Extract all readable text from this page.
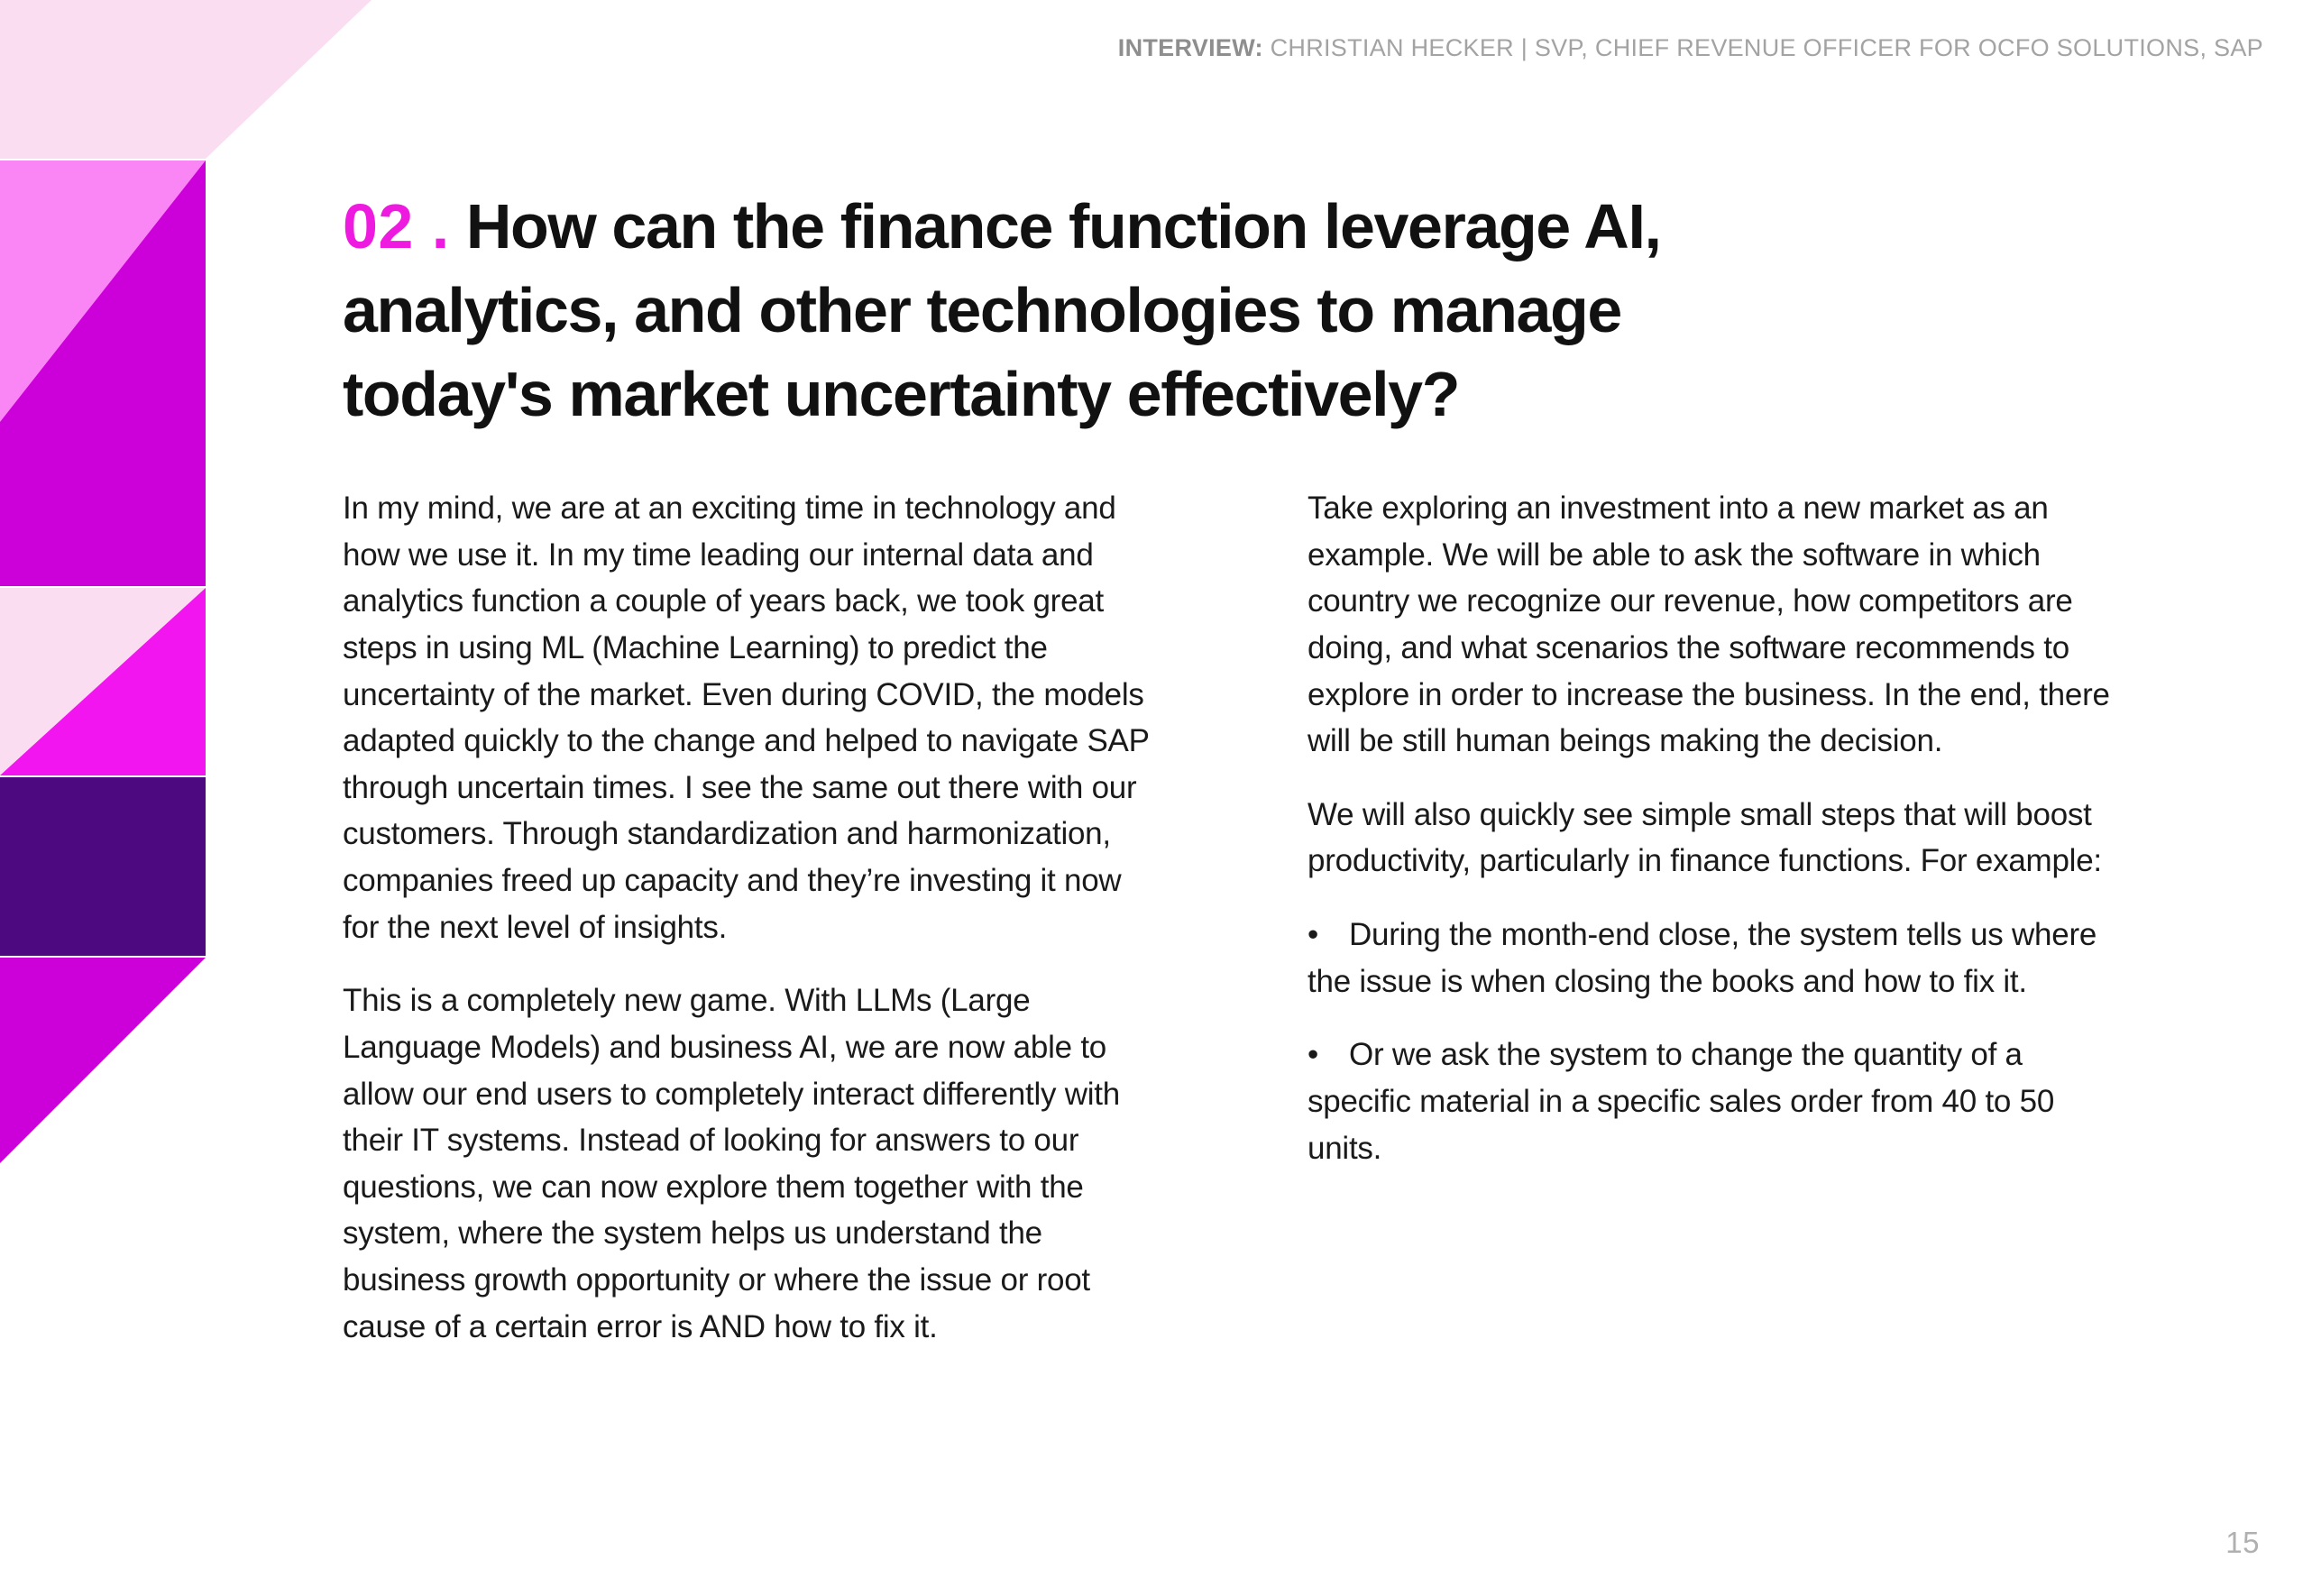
INTERVIEW: CHRISTIAN HECKER | SVP, CHIEF REVENUE OFFICER FOR OCFO SOLUTIONS, SAP
02 . How can the finance function leverage AI, analytics, and other technologies to manage today's market uncertainty effectively?

In my mind, we are at an exciting time in technology and how we use it. In my time leading our internal data and analytics function a couple of years back, we took great steps in using ML (Machine Learning) to predict the uncertainty of the market. Even during COVID, the models adapted quickly to the change and helped to navigate SAP through uncertain times. I see the same out there with our customers. Through standardization and harmonization, companies freed up capacity and they’re investing it now for the next level of insights.

This is a completely new game. With LLMs (Large Language Models) and business AI, we are now able to allow our end users to completely interact differently with their IT systems. Instead of looking for answers to our questions, we can now explore them together with the system, where the system helps us understand the business growth opportunity or where the issue or root cause of a certain error is AND how to fix it.

Take exploring an investment into a new market as an example. We will be able to ask the software in which country we recognize our revenue, how competitors are doing, and what scenarios the software recommends to explore in order to increase the business. In the end, there will be still human beings making the decision.

We will also quickly see simple small steps that will boost productivity, particularly in finance functions. For example:

• During the month-end close, the system tells us where the issue is when closing the books and how to fix it.

• Or we ask the system to change the quantity of a specific material in a specific sales order from 40 to 50 units.

15
